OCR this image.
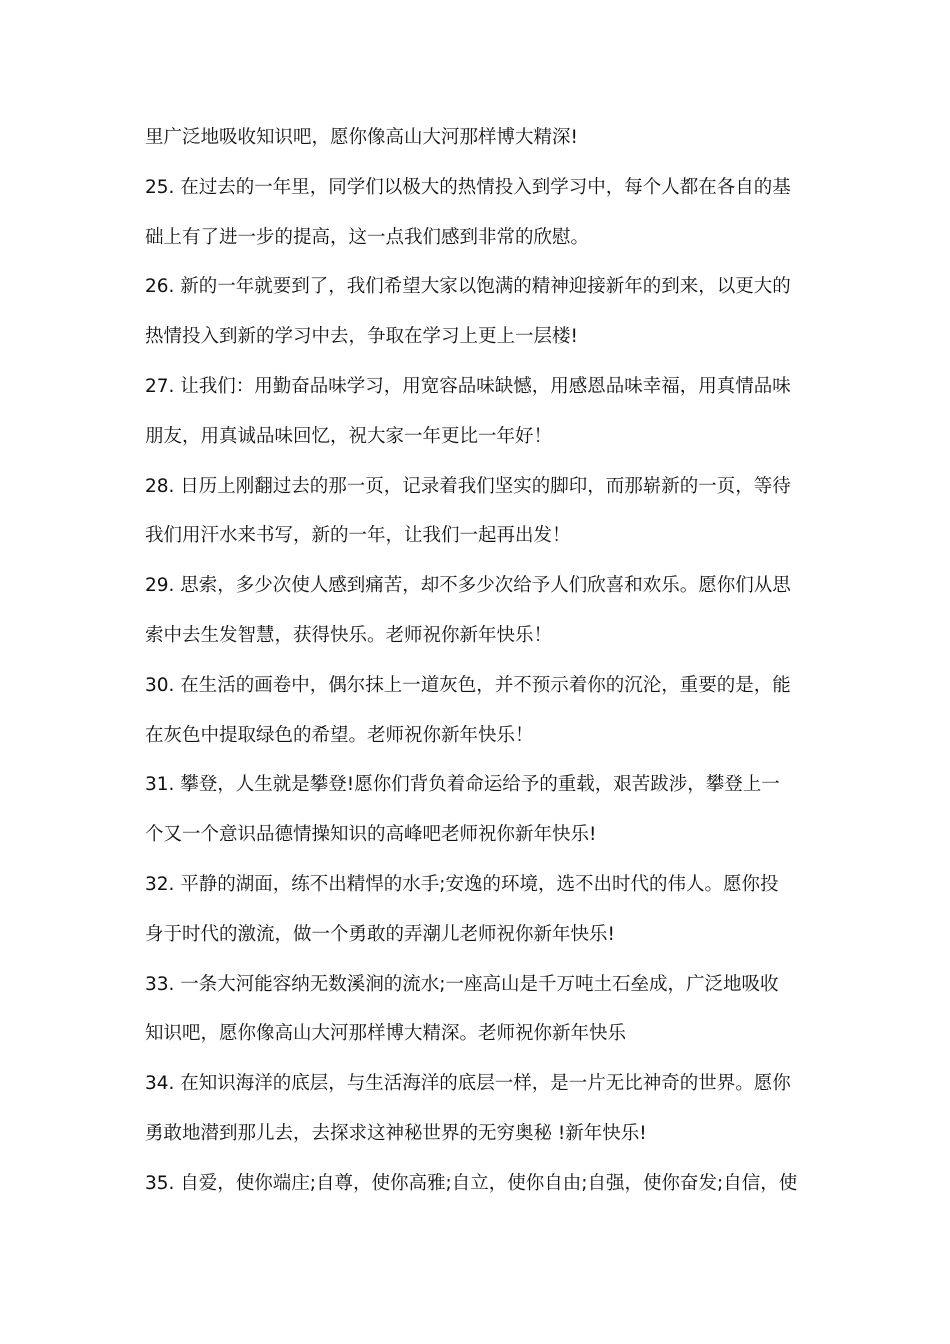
里广泛地吸收知识吧，愿你像高山大河那样博大精深!
25. 在过去的一年里，同学们以极大的热情投入到学习中，每个人都在各自的基
础上有了进一步的提高，这一点我们感到非常的欣慰。
26. 新的一年就要到了，我们希望大家以饱满的精神迎接新年的到来，以更大的
热情投入到新的学习中去，争取在学习上更上一层楼!
27. 让我们：用勤奋品味学习，用宽容品味缺憾，用感恩品味幸福，用真情品味
朋友，用真诚品味回忆，祝大家一年更比一年好！
28. 日历上刚翻过去的那一页，记录着我们坚实的脚印，而那崭新的一页，等待
我们用汗水来书写，新的一年，让我们一起再出发！
29. 思索，多少次使人感到痛苦，却不多少次给予人们欣喜和欢乐。愿你们从思
索中去生发智慧，获得快乐。老师祝你新年快乐！
30. 在生活的画卷中，偶尔抹上一道灰色，并不预示着你的沉沦，重要的是，能
在灰色中提取绿色的希望。老师祝你新年快乐！
31. 攀登，人生就是攀登!愿你们背负着命运给予的重载，艰苦跋涉，攀登上一
个又一个意识品德情操知识的高峰吧老师祝你新年快乐!
32. 平静的湖面，练不出精悍的水手;安逸的环境，选不出时代的伟人。愿你投
身于时代的激流，做一个勇敢的弄潮儿老师祝你新年快乐!
33. 一条大河能容纳无数溪涧的流水;一座高山是千万吨土石垒成，广泛地吸收
知识吧，愿你像高山大河那样博大精深。老师祝你新年快乐
34. 在知识海洋的底层，与生活海洋的底层一样，是一片无比神奇的世界。愿你
勇敢地潜到那儿去，去探求这神秘世界的无穷奥秘 !新年快乐!
35. 自爱，使你端庄;自尊，使你高雅;自立，使你自由;自强，使你奋发;自信，使
